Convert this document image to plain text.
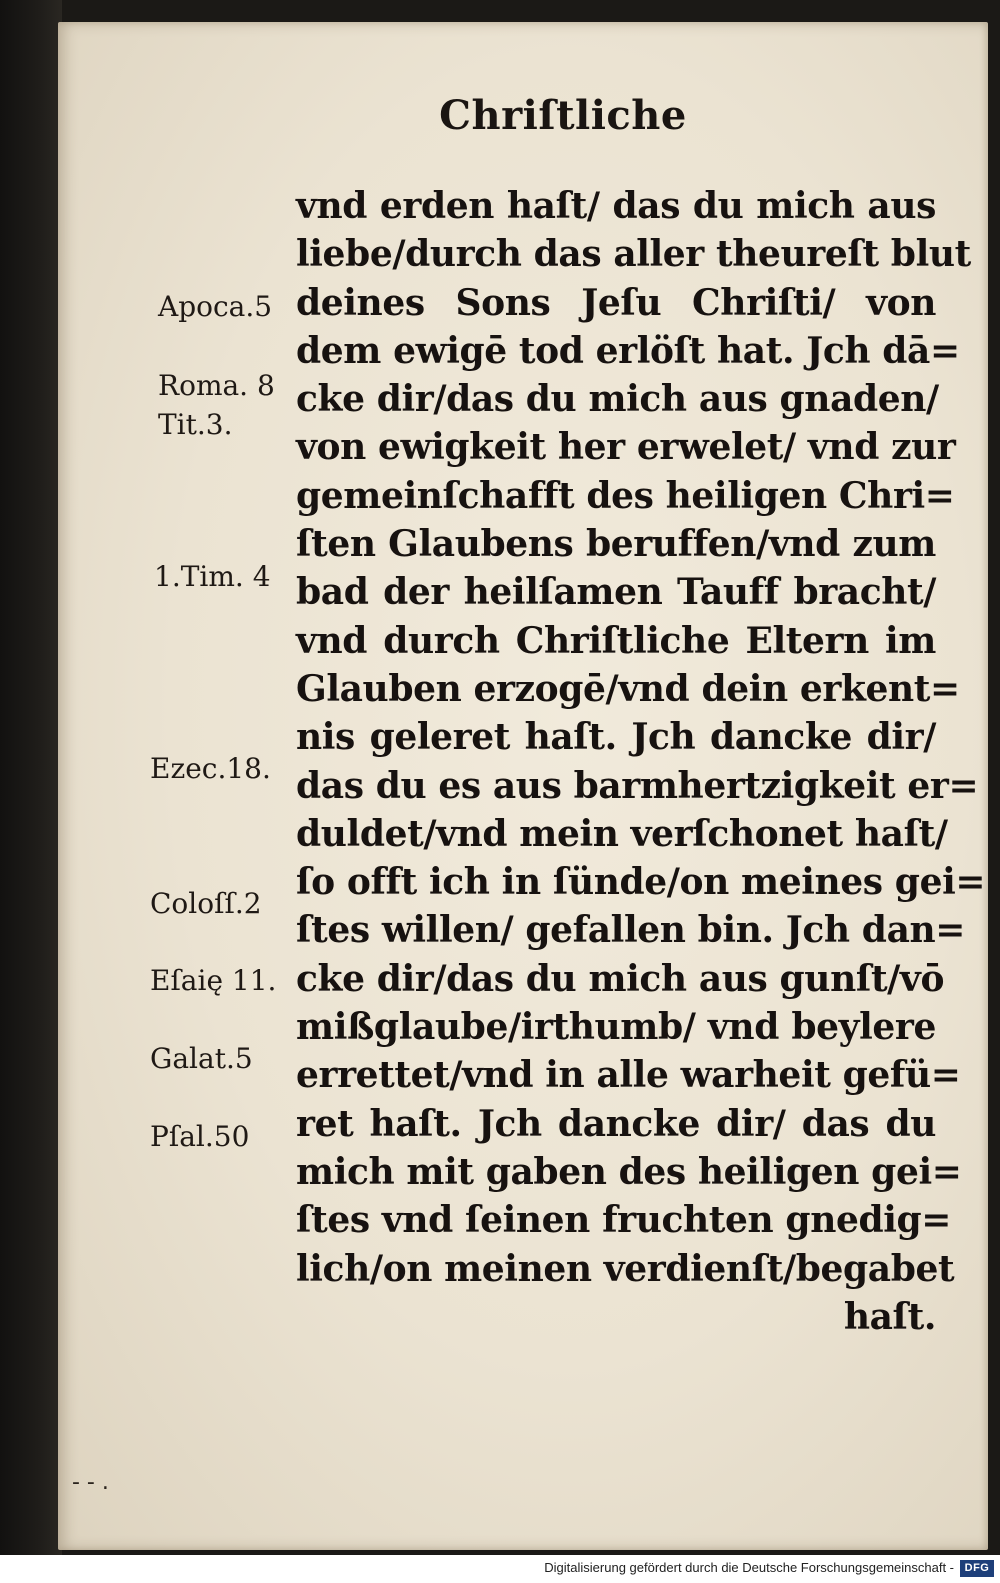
Chriſtliche
Apoca.5
Roma. 8
Tit.3.
1.Tim. 4
Ezec.18.
Coloſſ.2
Eſaię 11.
Galat.5
Pſal.50
vnd erden haſt/ das du mich aus
liebe/durch das aller theureſt blut
deines Sons Jeſu Chriſti/ von
dem ewigē tod erlöſt hat. Jch dā=
cke dir/das du mich aus gnaden/
von ewigkeit her erwelet/ vnd zur
gemeinſchafft des heiligen Chri=
ſten Glaubens beruffen/vnd zum
bad der heilſamen Tauff bracht/
vnd durch Chriſtliche Eltern im
Glauben erzogē/vnd dein erkent=
nis geleret haſt. Jch dancke dir/
das du es aus barmhertzigkeit er=
duldet/vnd mein verſchonet haſt/
ſo offt ich in ſünde/on meines gei=
ſtes willen/ gefallen bin. Jch dan=
cke dir/das du mich aus gunſt/vō
mißglaube/irthumb/ vnd beylere
errettet/vnd in alle warheit gefü=
ret haſt. Jch dancke dir/ das du
mich mit gaben des heiligen gei=
ſtes vnd ſeinen fruchten gnedig=
lich/on meinen verdienſt/begabet
haſt.
- - .
Digitalisierung gefördert durch die Deutsche Forschungsgemeinschaft - DFG
